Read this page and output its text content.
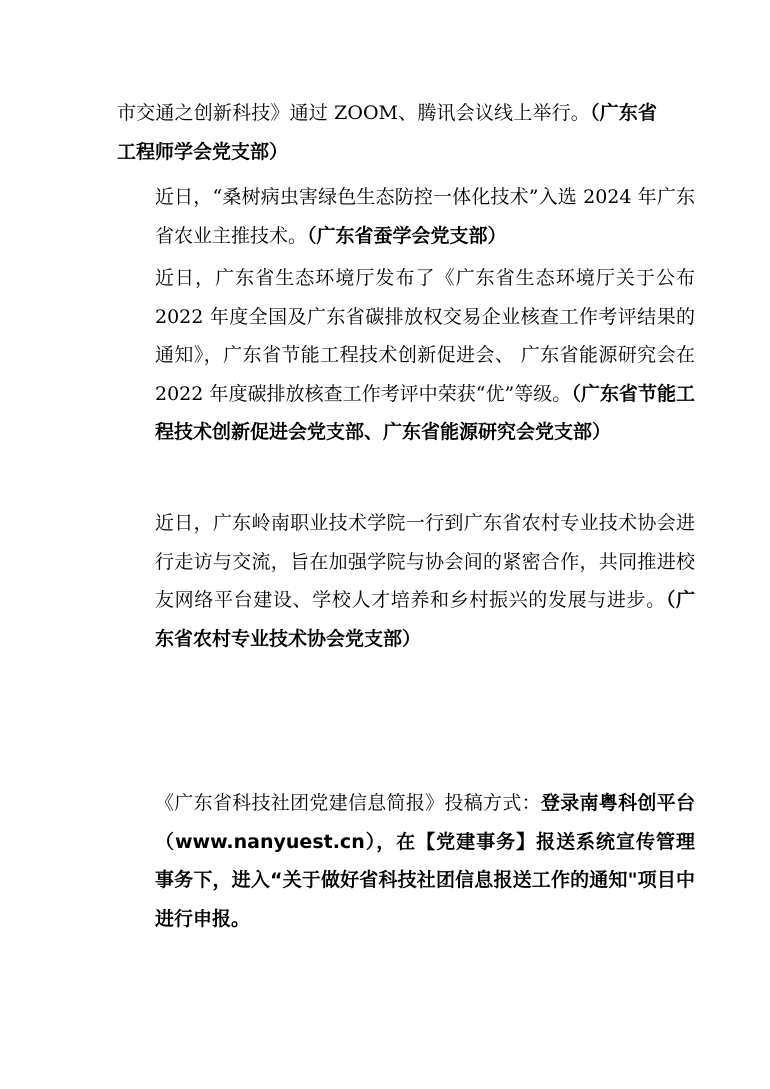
市交通之创新科技》通过 ZOOM、腾讯会议线上举行。（广东省工程师学会党支部）

近日，“桑树病虫害绿色生态防控一体化技术”入选 2024 年广东省农业主推技术。（广东省蚕学会党支部）

近日，广东省生态环境厅发布了《广东省生态环境厅关于公布 2022 年度全国及广东省碳排放权交易企业核查工作考评结果的通知》，广东省节能工程技术创新促进会、 广东省能源研究会在 2022 年度碳排放核查工作考评中荣获“优”等级。（广东省节能工程技术创新促进会党支部、广东省能源研究会党支部）

近日，广东岭南职业技术学院一行到广东省农村专业技术协会进行走访与交流，旨在加强学院与协会间的紧密合作，共同推进校友网络平台建设、学校人才培养和乡村振兴的发展与进步。（广东省农村专业技术协会党支部）

《广东省科技社团党建信息简报》投稿方式：登录南粤科创平台 （www.nanyuest.cn），在【党建事务】报送系统宣传管理事务下，进入“关于做好省科技社团信息报送工作的通知"项目中进行申报。
